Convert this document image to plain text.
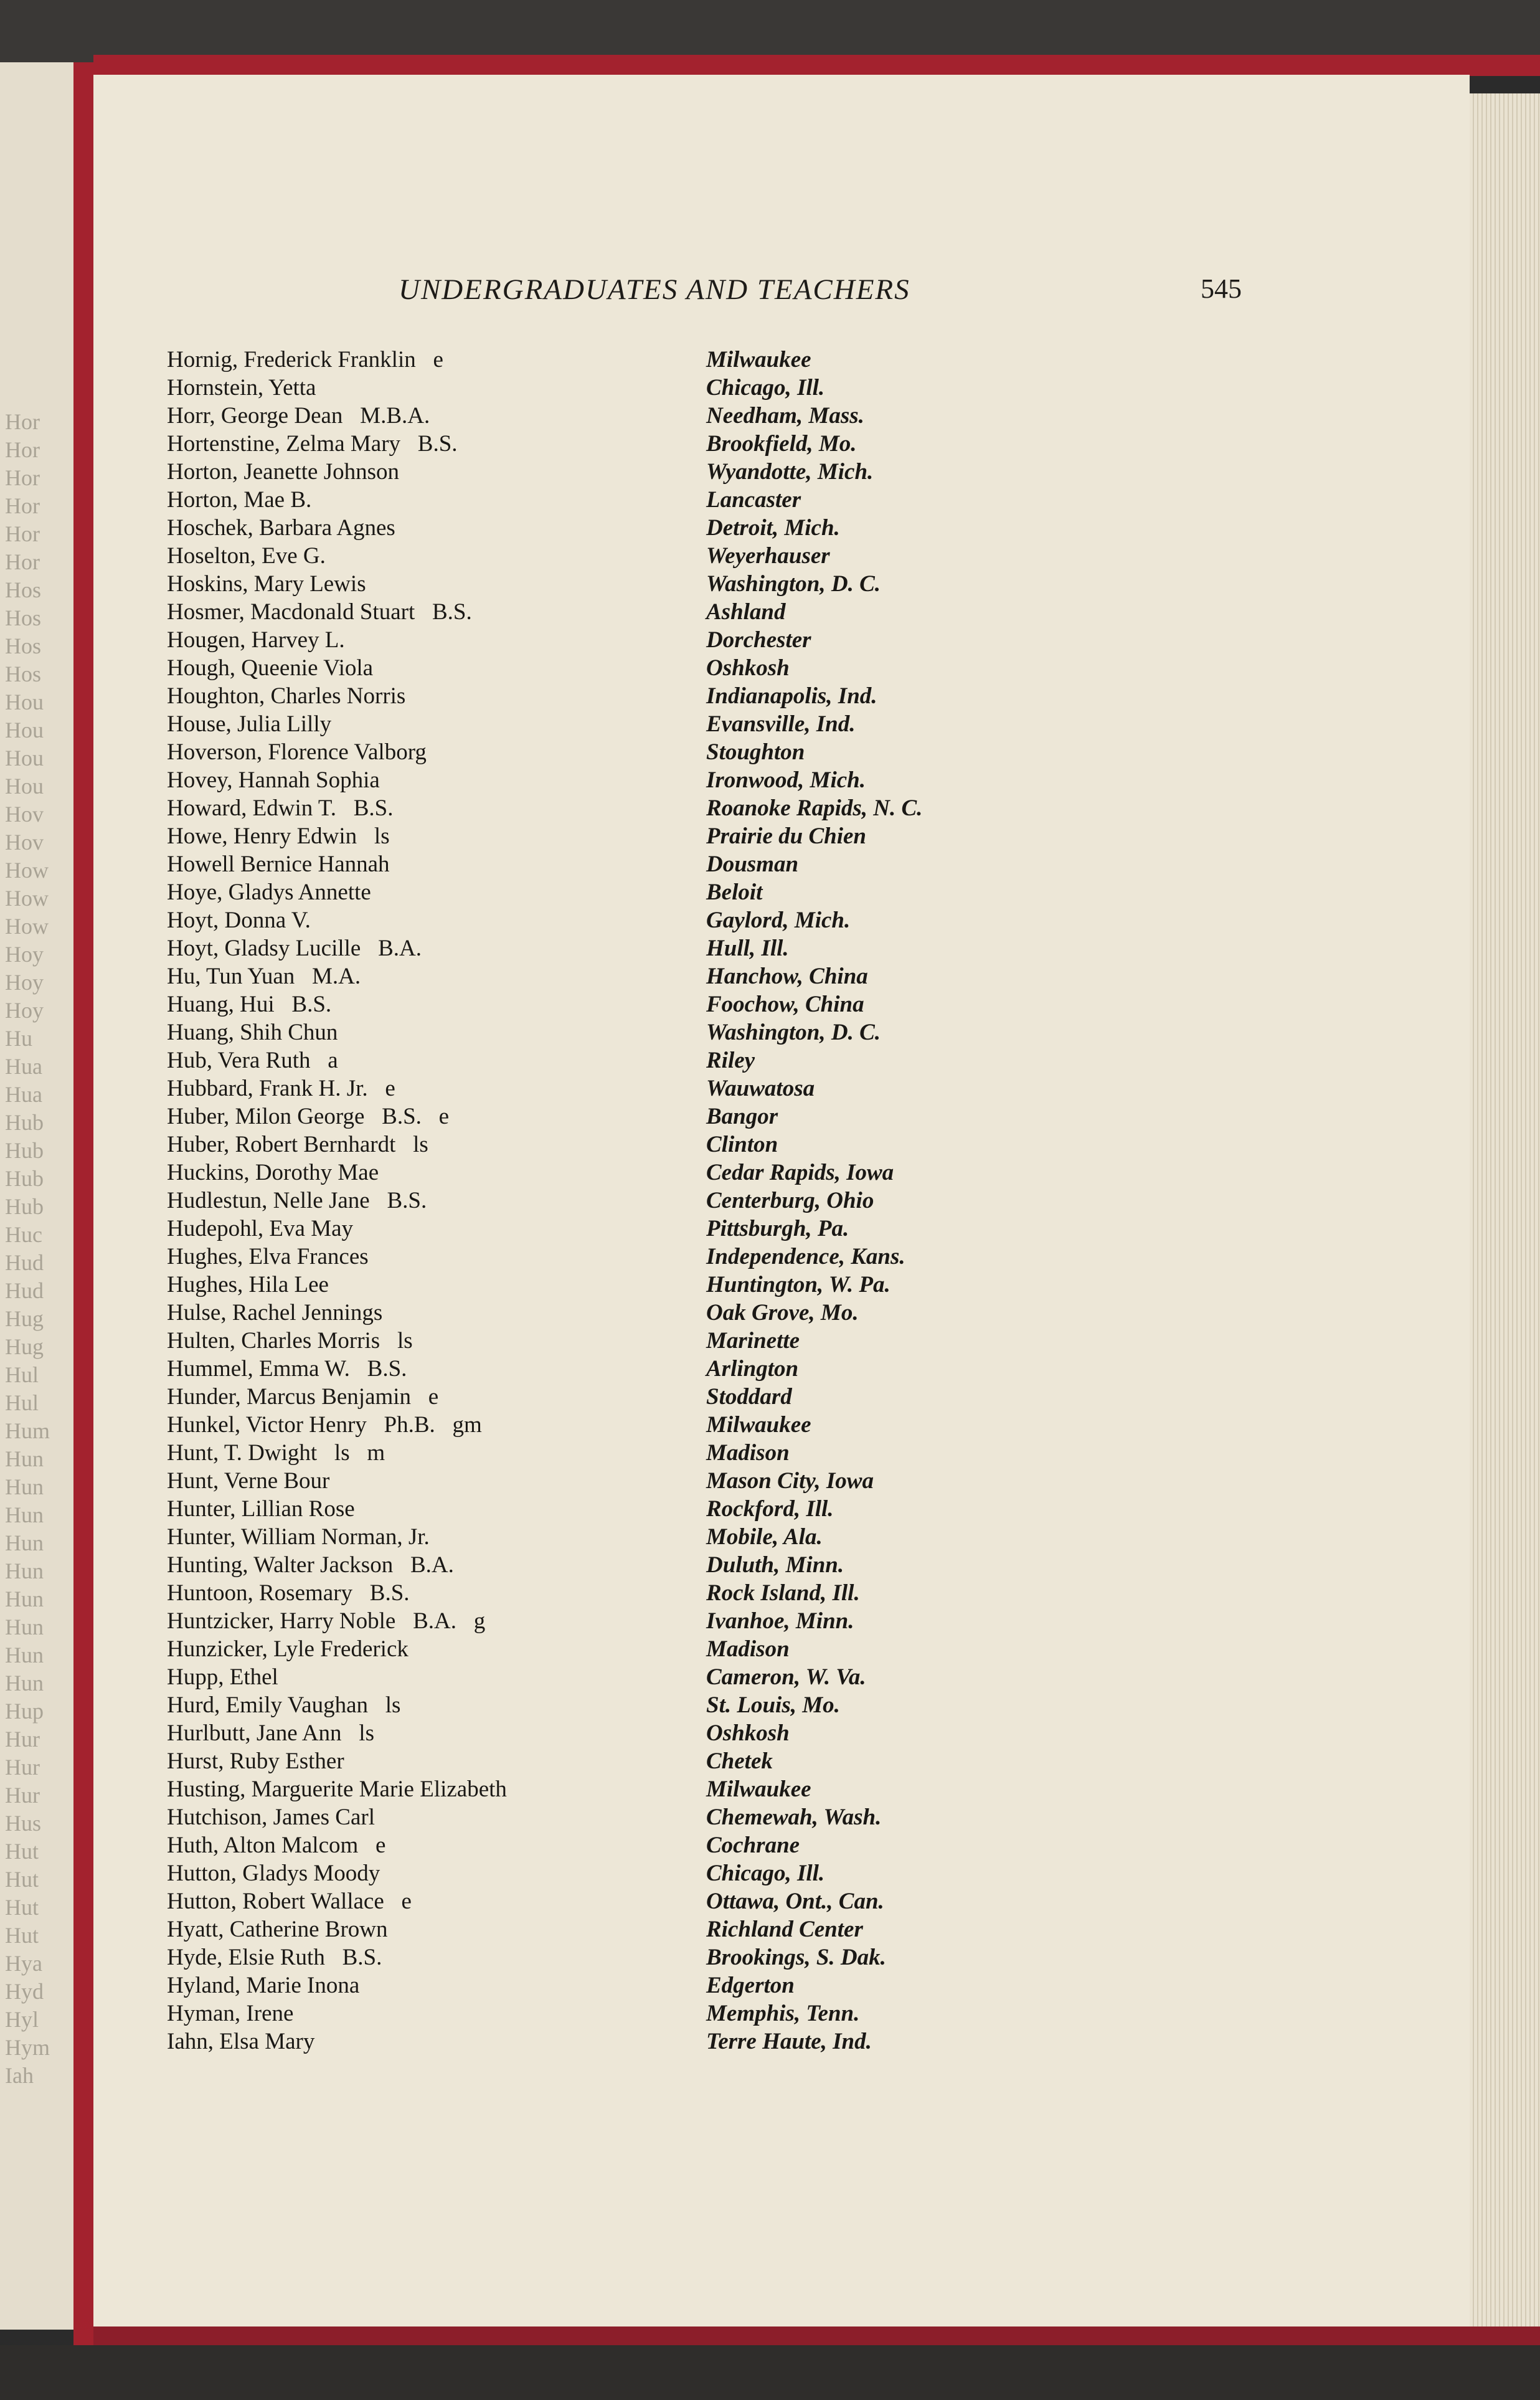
Hor
Hor
Hor
Hor
Hor
Hor
Hos
Hos
Hos
Hos
Hou
Hou
Hou
Hou
Hov
Hov
How
How
How
Hoy
Hoy
Hoy
Hu
Hua
Hua
Hub
Hub
Hub
Hub
Huc
Hud
Hud
Hug
Hug
Hul
Hul
Hum
Hun
Hun
Hun
Hun
Hun
Hun
Hun
Hun
Hun
Hup
Hur
Hur
Hur
Hus
Hut
Hut
Hut
Hut
Hya
Hyd
Hyl
Hym
Iah
UNDERGRADUATES AND TEACHERS	545
Hornig, Frederick Franklin   e	Milwaukee
Hornstein, Yetta	Chicago, Ill.
Horr, George Dean   M.B.A.	Needham, Mass.
Hortenstine, Zelma Mary   B.S.	Brookfield, Mo.
Horton, Jeanette Johnson	Wyandotte, Mich.
Horton, Mae B.	Lancaster
Hoschek, Barbara Agnes	Detroit, Mich.
Hoselton, Eve G.	Weyerhauser
Hoskins, Mary Lewis	Washington, D. C.
Hosmer, Macdonald Stuart   B.S.	Ashland
Hougen, Harvey L.	Dorchester
Hough, Queenie Viola	Oshkosh
Houghton, Charles Norris	Indianapolis, Ind.
House, Julia Lilly	Evansville, Ind.
Hoverson, Florence Valborg	Stoughton
Hovey, Hannah Sophia	Ironwood, Mich.
Howard, Edwin T.   B.S.	Roanoke Rapids, N. C.
Howe, Henry Edwin   ls	Prairie du Chien
Howell Bernice Hannah	Dousman
Hoye, Gladys Annette	Beloit
Hoyt, Donna V.	Gaylord, Mich.
Hoyt, Gladsy Lucille   B.A.	Hull, Ill.
Hu, Tun Yuan   M.A.	Hanchow, China
Huang, Hui   B.S.	Foochow, China
Huang, Shih Chun	Washington, D. C.
Hub, Vera Ruth   a	Riley
Hubbard, Frank H. Jr.   e	Wauwatosa
Huber, Milon George   B.S.   e	Bangor
Huber, Robert Bernhardt   ls	Clinton
Huckins, Dorothy Mae	Cedar Rapids, Iowa
Hudlestun, Nelle Jane   B.S.	Centerburg, Ohio
Hudepohl, Eva May	Pittsburgh, Pa.
Hughes, Elva Frances	Independence, Kans.
Hughes, Hila Lee	Huntington, W. Pa.
Hulse, Rachel Jennings	Oak Grove, Mo.
Hulten, Charles Morris   ls	Marinette
Hummel, Emma W.   B.S.	Arlington
Hunder, Marcus Benjamin   e	Stoddard
Hunkel, Victor Henry   Ph.B.   gm	Milwaukee
Hunt, T. Dwight   ls   m	Madison
Hunt, Verne Bour	Mason City, Iowa
Hunter, Lillian Rose	Rockford, Ill.
Hunter, William Norman, Jr.	Mobile, Ala.
Hunting, Walter Jackson   B.A.	Duluth, Minn.
Huntoon, Rosemary   B.S.	Rock Island, Ill.
Huntzicker, Harry Noble   B.A.   g	Ivanhoe, Minn.
Hunzicker, Lyle Frederick	Madison
Hupp, Ethel	Cameron, W. Va.
Hurd, Emily Vaughan   ls	St. Louis, Mo.
Hurlbutt, Jane Ann   ls	Oshkosh
Hurst, Ruby Esther	Chetek
Husting, Marguerite Marie Elizabeth	Milwaukee
Hutchison, James Carl	Chemewah, Wash.
Huth, Alton Malcom   e	Cochrane
Hutton, Gladys Moody	Chicago, Ill.
Hutton, Robert Wallace   e	Ottawa, Ont., Can.
Hyatt, Catherine Brown	Richland Center
Hyde, Elsie Ruth   B.S.	Brookings, S. Dak.
Hyland, Marie Inona	Edgerton
Hyman, Irene	Memphis, Tenn.
Iahn, Elsa Mary	Terre Haute, Ind.
